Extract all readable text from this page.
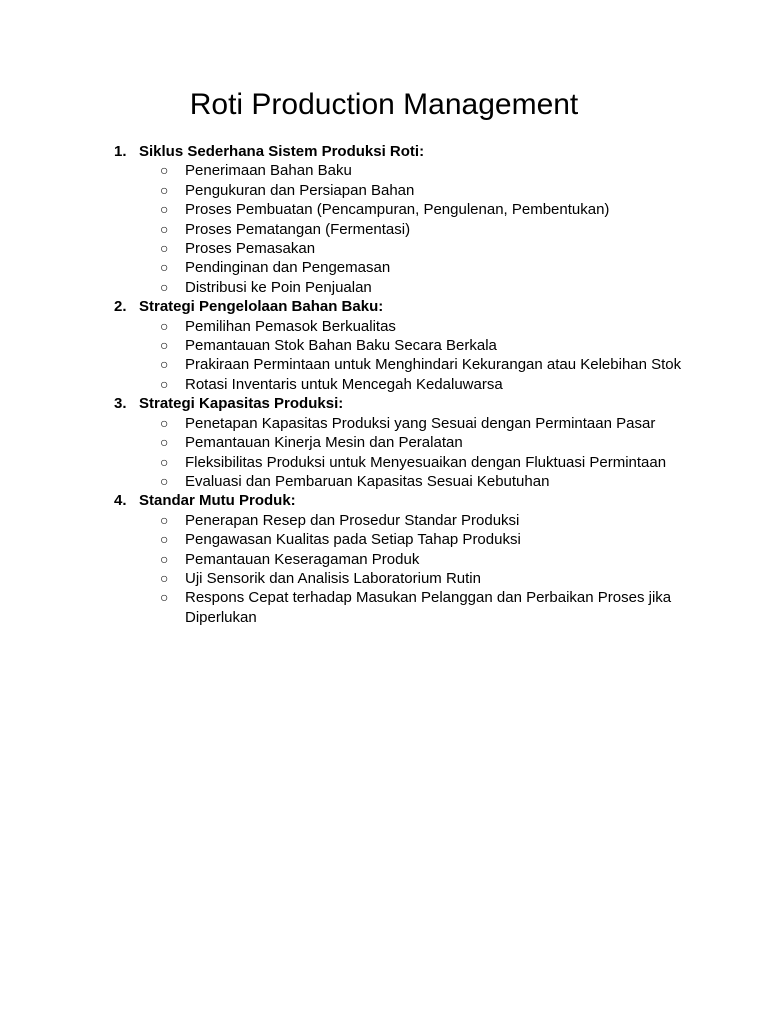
Roti Production Management
1. Siklus Sederhana Sistem Produksi Roti:
○ Penerimaan Bahan Baku
○ Pengukuran dan Persiapan Bahan
○ Proses Pembuatan (Pencampuran, Pengulenan, Pembentukan)
○ Proses Pematangan (Fermentasi)
○ Proses Pemasakan
○ Pendinginan dan Pengemasan
○ Distribusi ke Poin Penjualan
2. Strategi Pengelolaan Bahan Baku:
○ Pemilihan Pemasok Berkualitas
○ Pemantauan Stok Bahan Baku Secara Berkala
○ Prakiraan Permintaan untuk Menghindari Kekurangan atau Kelebihan Stok
○ Rotasi Inventaris untuk Mencegah Kedaluwarsa
3. Strategi Kapasitas Produksi:
○ Penetapan Kapasitas Produksi yang Sesuai dengan Permintaan Pasar
○ Pemantauan Kinerja Mesin dan Peralatan
○ Fleksibilitas Produksi untuk Menyesuaikan dengan Fluktuasi Permintaan
○ Evaluasi dan Pembaruan Kapasitas Sesuai Kebutuhan
4. Standar Mutu Produk:
○ Penerapan Resep dan Prosedur Standar Produksi
○ Pengawasan Kualitas pada Setiap Tahap Produksi
○ Pemantauan Keseragaman Produk
○ Uji Sensorik dan Analisis Laboratorium Rutin
○ Respons Cepat terhadap Masukan Pelanggan dan Perbaikan Proses jika Diperlukan
